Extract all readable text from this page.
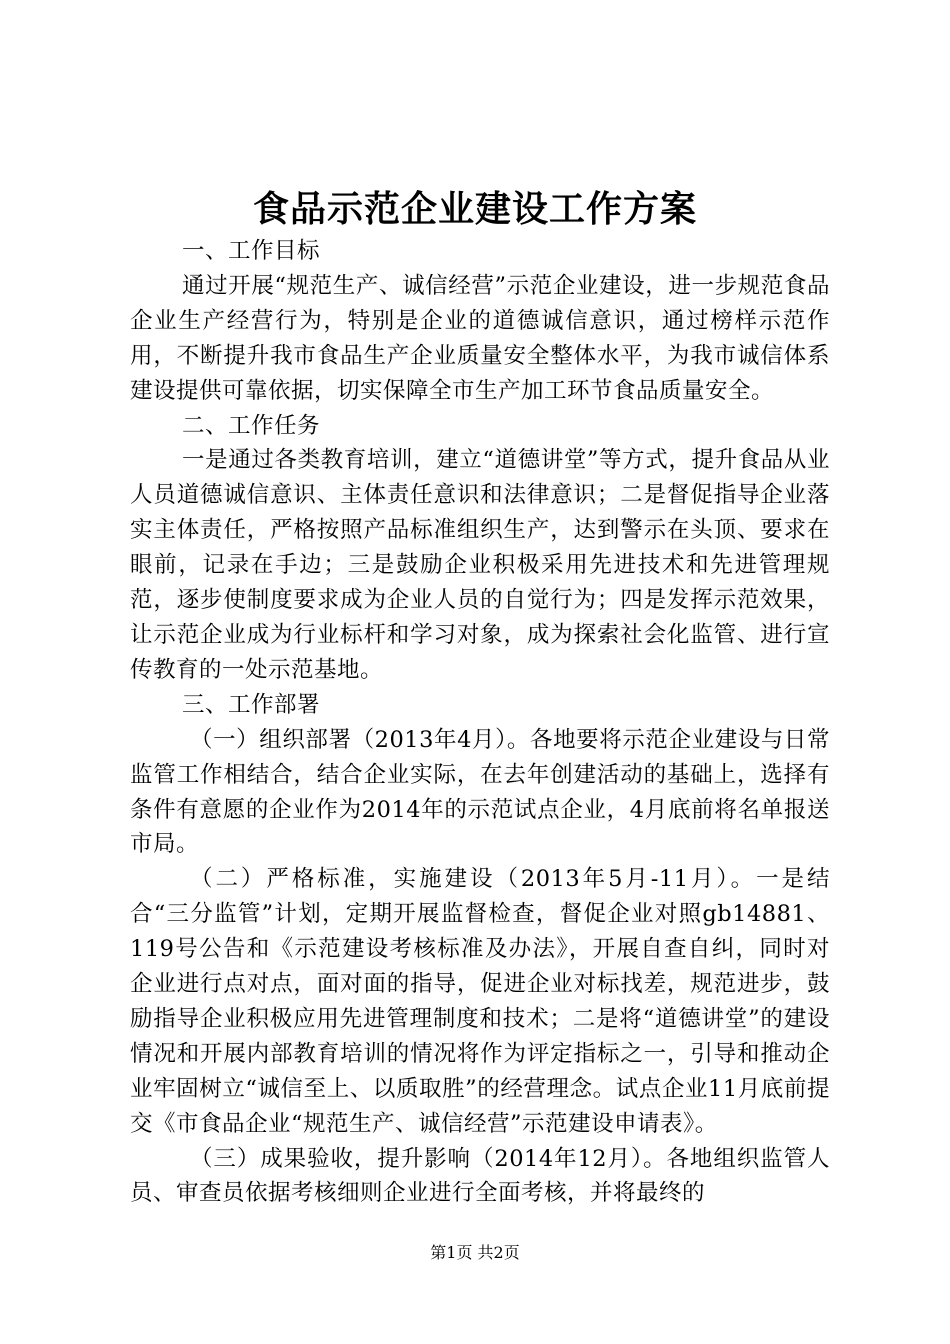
食品示范企业建设工作方案

一、工作目标

通过开展“规范生产、诚信经营”示范企业建设，进一步规范食品企业生产经营行为，特别是企业的道德诚信意识，通过榜样示范作用，不断提升我市食品生产企业质量安全整体水平，为我市诚信体系建设提供可靠依据，切实保障全市生产加工环节食品质量安全。

二、工作任务

一是通过各类教育培训，建立“道德讲堂”等方式，提升食品从业人员道德诚信意识、主体责任意识和法律意识；二是督促指导企业落实主体责任，严格按照产品标准组织生产，达到警示在头顶、要求在眼前，记录在手边；三是鼓励企业积极采用先进技术和先进管理规范，逐步使制度要求成为企业人员的自觉行为；四是发挥示范效果，让示范企业成为行业标杆和学习对象，成为探索社会化监管、进行宣传教育的一处示范基地。

三、工作部署

（一）组织部署（2013年4月）。各地要将示范企业建设与日常监管工作相结合，结合企业实际，在去年创建活动的基础上，选择有条件有意愿的企业作为2014年的示范试点企业，4月底前将名单报送市局。

（二）严格标准，实施建设（2013年5月-11月）。一是结合“三分监管”计划，定期开展监督检查，督促企业对照gb14881、119号公告和《示范建设考核标准及办法》，开展自查自纠，同时对企业进行点对点，面对面的指导，促进企业对标找差，规范进步，鼓励指导企业积极应用先进管理制度和技术；二是将“道德讲堂”的建设情况和开展内部教育培训的情况将作为评定指标之一，引导和推动企业牢固树立“诚信至上、以质取胜”的经营理念。试点企业11月底前提交《市食品企业“规范生产、诚信经营”示范建设申请表》。

（三）成果验收，提升影响（2014年12月）。各地组织监管人员、审查员依据考核细则企业进行全面考核，并将最终的

第1页 共2页
